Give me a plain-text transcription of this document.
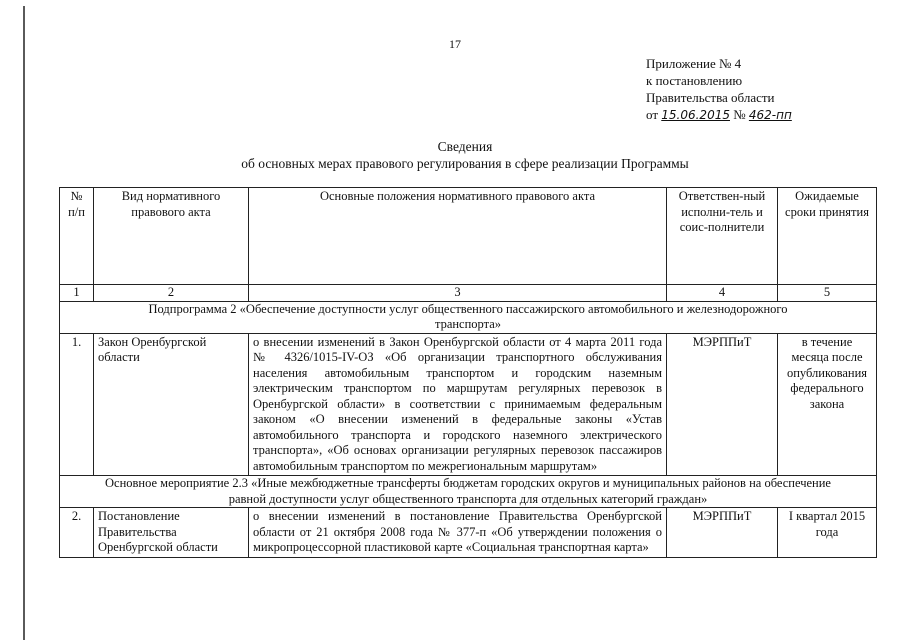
17
Приложение № 4
к постановлению
Правительства области
от 15.06.2015 № 462-пп
Сведения
об основных мерах правового регулирования в сфере реализации Программы
№ п/п	Вид нормативного правового акта	Основные положения нормативного правового акта	Ответствен-ный исполни-тель и соис-полнители	Ожидаемые сроки принятия
1	2	3	4	5
Подпрограмма 2 «Обеспечение доступности услуг общественного пассажирского автомобильного и железнодорожного транспорта»				
1.	Закон Оренбургской области	о внесении изменений в Закон Оренбургской области от 4 марта 2011 года № 4326/1015-IV-ОЗ «Об организации транспортного обслуживания населения автомобильным транспортом и городским наземным электрическим транспортом по маршрутам регулярных перевозок в Оренбургской области» в соответствии с принимаемым федеральным законом «О внесении изменений в федеральные законы «Устав автомобильного транспорта и городского наземного электрического транспорта», «Об основах организации регулярных перевозок пассажиров автомобильным транспортом по межрегиональным маршрутам»	МЭРППиТ	в течение месяца после опубликования федерального закона
Основное мероприятие 2.3 «Иные межбюджетные трансферты бюджетам городских округов и муниципальных районов на обеспечение равной доступности услуг общественного транспорта для отдельных категорий граждан»				
2.	Постановление Правительства Оренбургской области	о внесении изменений в постановление Правительства Оренбургской области от 21 октября 2008 года № 377-п «Об утверждении положения о микропроцессорной пластиковой карте «Социальная транспортная карта»	МЭРППиТ	I квартал 2015 года
